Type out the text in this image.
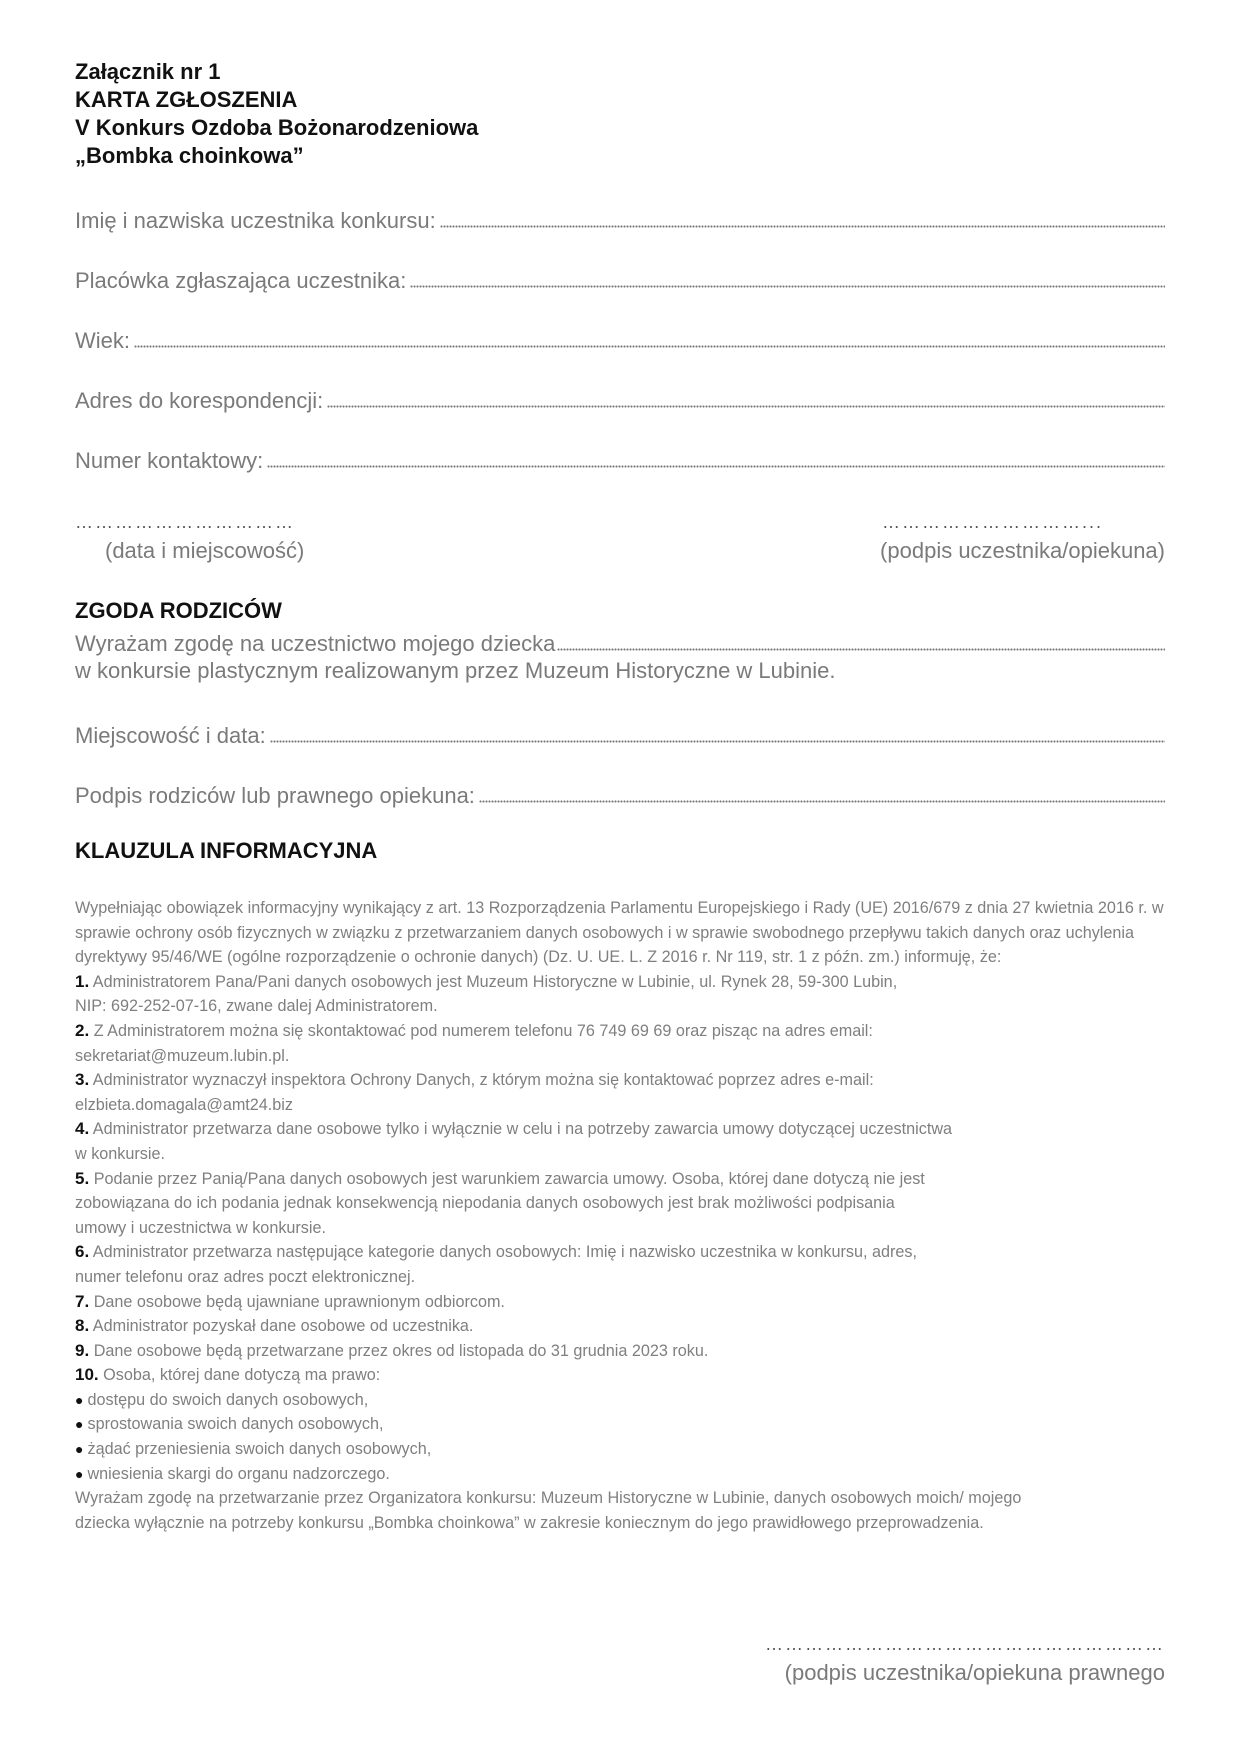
Załącznik nr 1
KARTA ZGŁOSZENIA
V Konkurs Ozdoba Bożonarodzeniowa
„Bombka choinkowa”
Imię i nazwiska uczestnika konkursu:
Placówka zgłaszająca uczestnika:
Wiek:
Adres do korespondencji:
Numer kontaktowy:
……………………………
(data i miejscowość)
…………………………...
(podpis uczestnika/opiekuna)
ZGODA RODZICÓW
Wyrażam zgodę na uczestnictwo mojego dziecka
w konkursie plastycznym realizowanym przez Muzeum Historyczne w Lubinie.
Miejscowość i data:
Podpis rodziców lub prawnego opiekuna:
KLAUZULA INFORMACYJNA

Wypełniając obowiązek informacyjny wynikający z art. 13 Rozporządzenia Parlamentu Europejskiego i Rady (UE) 2016/679 z dnia 27 kwietnia 2016 r. w sprawie ochrony osób fizycznych w związku z przetwarzaniem danych osobowych i w sprawie swobodnego przepływu takich danych oraz uchylenia dyrektywy 95/46/WE (ogólne rozporządzenie o ochronie danych) (Dz. U. UE. L. Z 2016 r. Nr 119, str. 1 z późn. zm.) informuję, że:

1. Administratorem Pana/Pani danych osobowych jest Muzeum Historyczne w Lubinie, ul. Rynek 28, 59-300 Lubin,

NIP: 692-252-07-16, zwane dalej Administratorem.

2. Z Administratorem można się skontaktować pod numerem telefonu 76 749 69 69 oraz pisząc na adres email:

sekretariat@muzeum.lubin.pl.

3. Administrator wyznaczył inspektora Ochrony Danych, z którym można się kontaktować poprzez adres e-mail:

elzbieta.domagala@amt24.biz

4. Administrator przetwarza dane osobowe tylko i wyłącznie w celu i na potrzeby zawarcia umowy dotyczącej uczestnictwa

w konkursie.

5. Podanie przez Panią/Pana danych osobowych jest warunkiem zawarcia umowy. Osoba, której dane dotyczą nie jest

zobowiązana do ich podania jednak konsekwencją niepodania danych osobowych jest brak możliwości podpisania

umowy i uczestnictwa w konkursie.

6. Administrator przetwarza następujące kategorie danych osobowych: Imię i nazwisko uczestnika w konkursu, adres,

numer telefonu oraz adres poczt elektronicznej.

7. Dane osobowe będą ujawniane uprawnionym odbiorcom.

8. Administrator pozyskał dane osobowe od uczestnika.

9. Dane osobowe będą przetwarzane przez okres od listopada do 31 grudnia 2023 roku.

10. Osoba, której dane dotyczą ma prawo:

● dostępu do swoich danych osobowych,

● sprostowania swoich danych osobowych,

● żądać przeniesienia swoich danych osobowych,

● wniesienia skargi do organu nadzorczego.

Wyrażam zgodę na przetwarzanie przez Organizatora konkursu: Muzeum Historyczne w Lubinie, danych osobowych moich/ mojego

dziecka wyłącznie na potrzeby konkursu „Bombka choinkowa” w zakresie koniecznym do jego prawidłowego przeprowadzenia.

……………………………………………………
(podpis uczestnika/opiekuna prawnego
